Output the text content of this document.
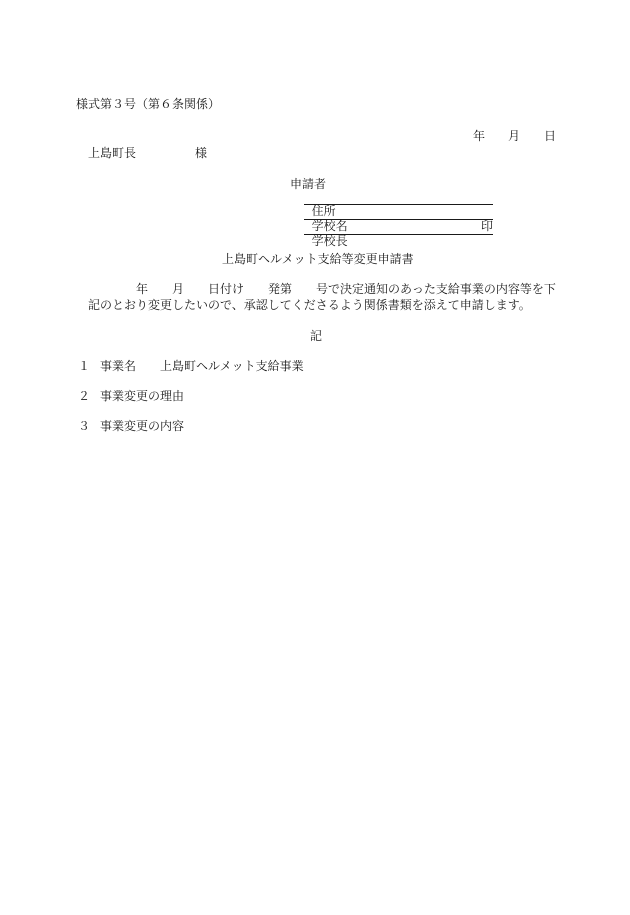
様式第３号（第６条関係）
年 月 日
上島町長	様
申請者

住所

学校名

学校長

印

上島町ヘルメット支給等変更申請書
年 月 日付け 発第 号で決定通知のあった支給事業の内容等を下
記のとおり変更したいので、承認してくださるよう関係書類を添えて申請します。
記
１ 事業名 上島町ヘルメット支給事業
２ 事業変更の理由
３ 事業変更の内容
